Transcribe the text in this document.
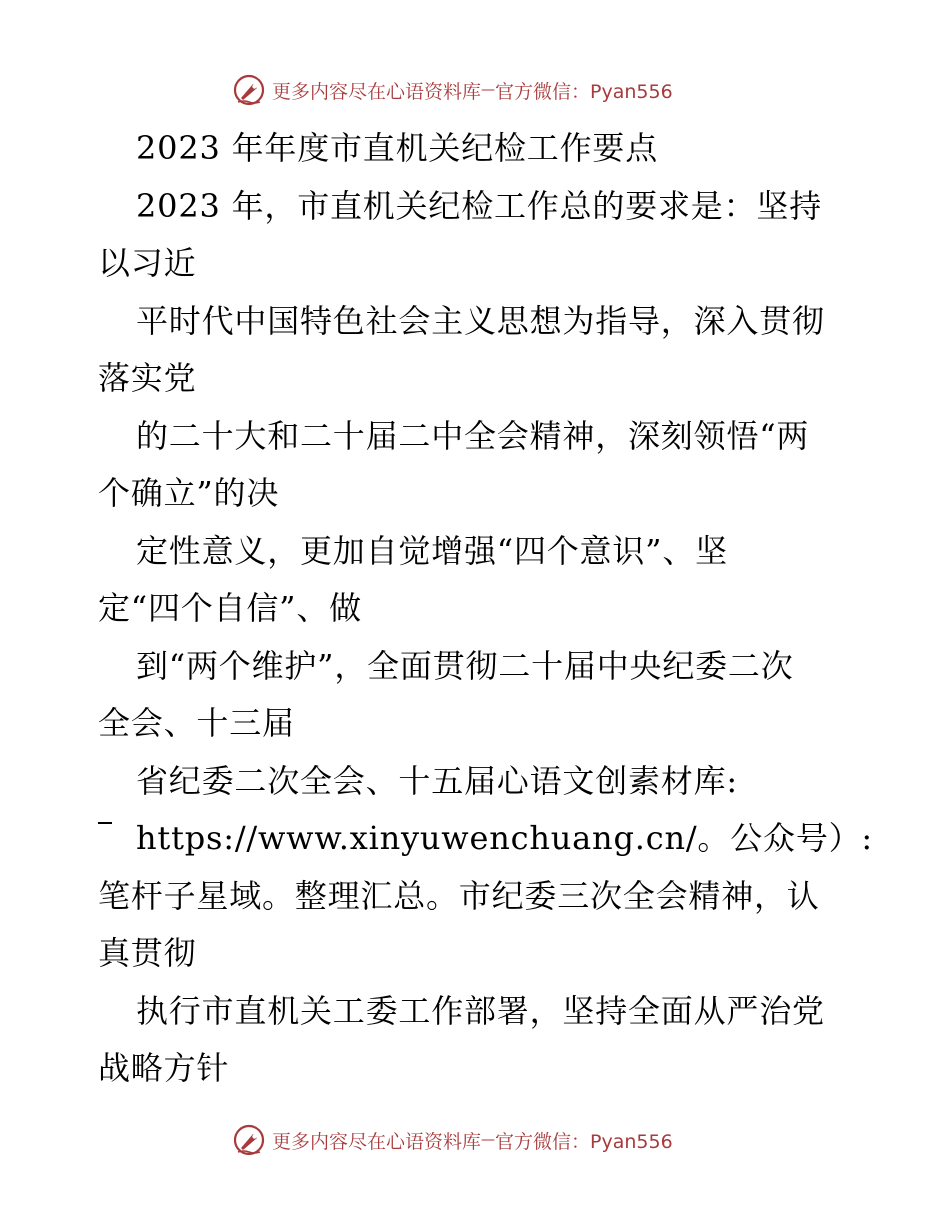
更多内容尽在心语资料库 — 官方微信：Pyan556
2023 年年度市直机关纪检工作要点
2023 年，市直机关纪检工作总的要求是：坚持
以习近
平时代中国特色社会主义思想为指导，深入贯彻
落实党
的二十大和二十届二中全会精神，深刻领悟“两
个确立”的决
定性意义，更加自觉增强“四个意识”、坚
定“四个自信”、做
到“两个维护”，全面贯彻二十届中央纪委二次
全会、十三届
省纪委二次全会、十五届心语文创素材库:
https://www.xinyuwenchuang.cn/。公众号）:
笔杆子星域。整理汇总。市纪委三次全会精神，认
真贯彻
执行市直机关工委工作部署，坚持全面从严治党
战略方针
更多内容尽在心语资料库 — 官方微信：Pyan556
